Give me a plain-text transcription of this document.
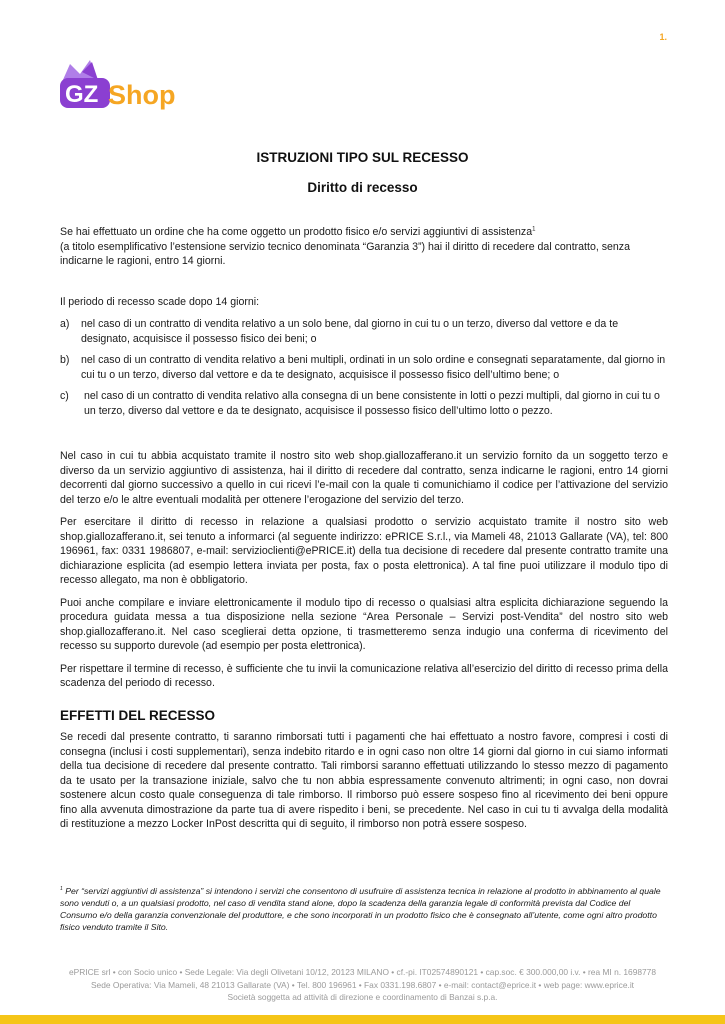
1.
GZ Shop
ISTRUZIONI TIPO SUL RECESSO
Diritto di recesso

Se hai effettuato un ordine che ha come oggetto un prodotto fisico e/o servizi aggiuntivi di assistenza$^1$
(a titolo esemplificativo l’estensione servizio tecnico denominata “Garanzia 3”) hai il diritto di recedere dal contratto, senza indicarne le ragioni, entro 14 giorni.

Il periodo di recesso scade dopo 14 giorni:

a)	nel caso di un contratto di vendita relativo a un solo bene, dal giorno in cui tu o un terzo, diverso dal vettore e da te designato, acquisisce il possesso fisico dei beni; o
b)	nel caso di un contratto di vendita relativo a beni multipli, ordinati in un solo ordine e consegnati separatamente, dal giorno in cui tu o un terzo, diverso dal vettore e da te designato, acquisisce il possesso fisico dell’ultimo bene; o
c)	nel caso di un contratto di vendita relativo alla consegna di un bene consistente in lotti o pezzi multipli, dal giorno in cui tu o un terzo, diverso dal vettore e da te designato, acquisisce il possesso fisico dell’ultimo lotto o pezzo.

Nel caso in cui tu abbia acquistato tramite il nostro sito web shop.giallozafferano.it un servizio fornito da un soggetto terzo e diverso da un servizio aggiuntivo di assistenza, hai il diritto di recedere dal contratto, senza indicarne le ragioni, entro 14 giorni decorrenti dal giorno successivo a quello in cui ricevi l’e-mail con la quale ti comunichiamo il codice per l’attivazione del servizio del terzo e/o le altre eventuali modalità per ottenere l’erogazione del servizio del terzo.

Per esercitare il diritto di recesso in relazione a qualsiasi prodotto o servizio acquistato tramite il nostro sito web shop.giallozafferano.it, sei tenuto a informarci (al seguente indirizzo: ePRICE S.r.l., via Mameli 48, 21013 Gallarate (VA), tel: 800 196961, fax: 0331 1986807, e-mail: servizioclienti@ePRICE.it) della tua decisione di recedere dal presente contratto tramite una dichiarazione esplicita (ad esempio lettera inviata per posta, fax o posta elettronica). A tal fine puoi utilizzare il modulo tipo di recesso allegato, ma non è obbligatorio.

Puoi anche compilare e inviare elettronicamente il modulo tipo di recesso o qualsiasi altra esplicita dichiarazione seguendo la procedura guidata messa a tua disposizione nella sezione “Area Personale – Servizi post-Vendita” del nostro sito web shop.giallozafferano.it. Nel caso sceglierai detta opzione, ti trasmetteremo senza indugio una conferma di ricevimento del recesso su supporto durevole (ad esempio per posta elettronica).

Per rispettare il termine di recesso, è sufficiente che tu invii la comunicazione relativa all’esercizio del diritto di recesso prima della scadenza del periodo di recesso.

EFFETTI DEL RECESSO

Se recedi dal presente contratto, ti saranno rimborsati tutti i pagamenti che hai effettuato a nostro favore, compresi i costi di consegna (inclusi i costi supplementari), senza indebito ritardo e in ogni caso non oltre 14 giorni dal giorno in cui siamo informati della tua decisione di recedere dal presente contratto. Tali rimborsi saranno effettuati utilizzando lo stesso mezzo di pagamento da te usato per la transazione iniziale, salvo che tu non abbia espressamente convenuto altrimenti; in ogni caso, non dovrai sostenere alcun costo quale conseguenza di tale rimborso. Il rimborso può essere sospeso fino al ricevimento dei beni oppure fino alla avvenuta dimostrazione da parte tua di avere rispedito i beni, se precedente. Nel caso in cui tu ti avvalga della modalità di restituzione a mezzo Locker InPost descritta qui di seguito, il rimborso non potrà essere sospeso.

$^1$ Per “servizi aggiuntivi di assistenza” si intendono i servizi che consentono di usufruire di assistenza tecnica in relazione al prodotto in abbinamento al quale sono venduti o, a un qualsiasi prodotto, nel caso di vendita stand alone, dopo la scadenza della garanzia legale di conformità prevista dal Codice del Consumo e/o della garanzia convenzionale del produttore, e che sono incorporati in un prodotto fisico che è consegnato all’utente, come ogni altro prodotto fisico venduto tramite il Sito.
ePRICE srl • con Socio unico • Sede Legale: Via degli Olivetani 10/12, 20123 MILANO • cf.-pi. IT02574890121 • cap.soc. € 300.000,00 i.v. • rea MI n. 1698778
Sede Operativa: Via Mameli, 48 21013 Gallarate (VA) • Tel. 800 196961 • Fax 0331.198.6807 • e-mail: contact@eprice.it • web page: www.eprice.it
Società soggetta ad attività di direzione e coordinamento di Banzai s.p.a.
